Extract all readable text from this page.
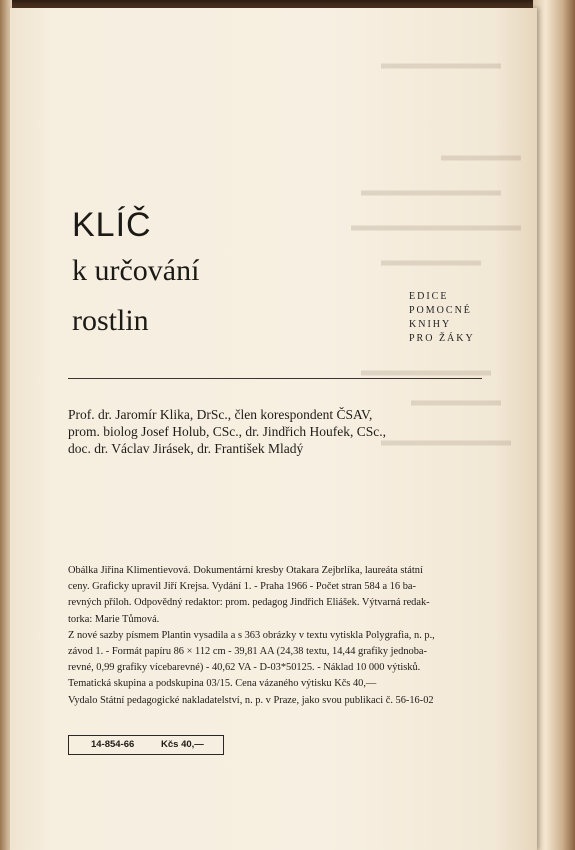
KLÍČ
k určování
rostlin
EDICE
POMOCNÉ
KNIHY
PRO ŽÁKY
Prof. dr. Jaromír Klika, DrSc., člen korespondent ČSAV,
prom. biolog Josef Holub, CSc., dr. Jindřich Houfek, CSc.,
doc. dr. Václav Jirásek, dr. František Mladý
Obálka Jiřina Klimentievová. Dokumentární kresby Otakara Zejbrlíka, laureáta státní
ceny. Graficky upravil Jiří Krejsa. Vydání 1. - Praha 1966 - Počet stran 584 a 16 ba-
revných příloh. Odpovědný redaktor: prom. pedagog Jindřich Eliášek. Výtvarná redak-
torka: Marie Tůmová.
Z nové sazby písmem Plantin vysadila a s 363 obrázky v textu vytiskla Polygrafia, n. p.,
závod 1. - Formát papíru 86 × 112 cm - 39,81 AA (24,38 textu, 14,44 grafiky jednoba-
revné, 0,99 grafiky vícebarevné) - 40,62 VA - D-03*50125. - Náklad 10 000 výtisků.
Tematická skupina a podskupina 03/15. Cena vázaného výtisku Kčs 40,—
Vydalo Státní pedagogické nakladatelství, n. p. v Praze, jako svou publikaci č. 56-16-02
14-854-66	Kčs 40,—
